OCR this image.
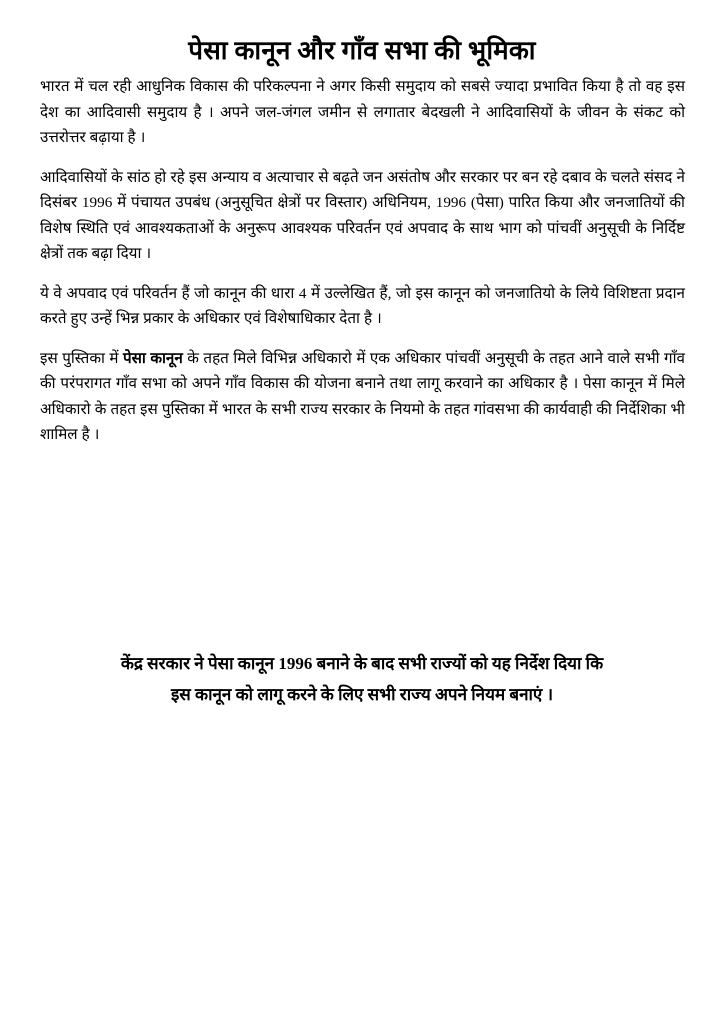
पेसा कानून और गाँव सभा की भूमिका

भारत में चल रही आधुनिक विकास की परिकल्पना ने अगर किसी समुदाय को सबसे ज्यादा प्रभावित किया है तो वह इस देश का आदिवासी समुदाय है । अपने जल-जंगल जमीन से लगातार बेदखली ने आदिवासियों के जीवन के संकट को उत्तरोत्तर बढ़ाया है ।

आदिवासियों के सांठ हो रहे इस अन्याय व अत्याचार से बढ़ते जन असंतोष और सरकार पर बन रहे दबाव के चलते संसद ने दिसंबर 1996 में पंचायत उपबंध (अनुसूचित क्षेत्रों पर विस्तार) अधिनियम, 1996 (पेसा) पारित किया और जनजातियों की विशेष स्थिति एवं आवश्यकताओं के अनुरूप आवश्यक परिवर्तन एवं अपवाद के साथ भाग को पांचवीं अनुसूची के निर्दिष्ट क्षेत्रों तक बढ़ा दिया ।

ये वे अपवाद एवं परिवर्तन हैं जो कानून की धारा 4 में उल्लेखित हैं, जो इस कानून को जनजातियो के लिये विशिष्टता प्रदान करते हुए उन्हें भिन्न प्रकार के अधिकार एवं विशेषाधिकार देता है ।

इस पुस्तिका में पेसा कानून के तहत मिले विभिन्न अधिकारो में एक अधिकार पांचवीं अनुसूची के तहत आने वाले सभी गाँव की परंपरागत गाँव सभा को अपने गाँव विकास की योजना बनाने तथा लागू करवाने का अधिकार है । पेसा कानून में मिले अधिकारो के तहत इस पुस्तिका में भारत के सभी राज्य सरकार के नियमो के तहत गांवसभा की कार्यवाही की निर्देशिका भी शामिल है ।

केंद्र सरकार ने पेसा कानून 1996 बनाने के बाद सभी राज्यों को यह निर्देश दिया कि
इस कानून को लागू करने के लिए सभी राज्य अपने नियम बनाएं ।
